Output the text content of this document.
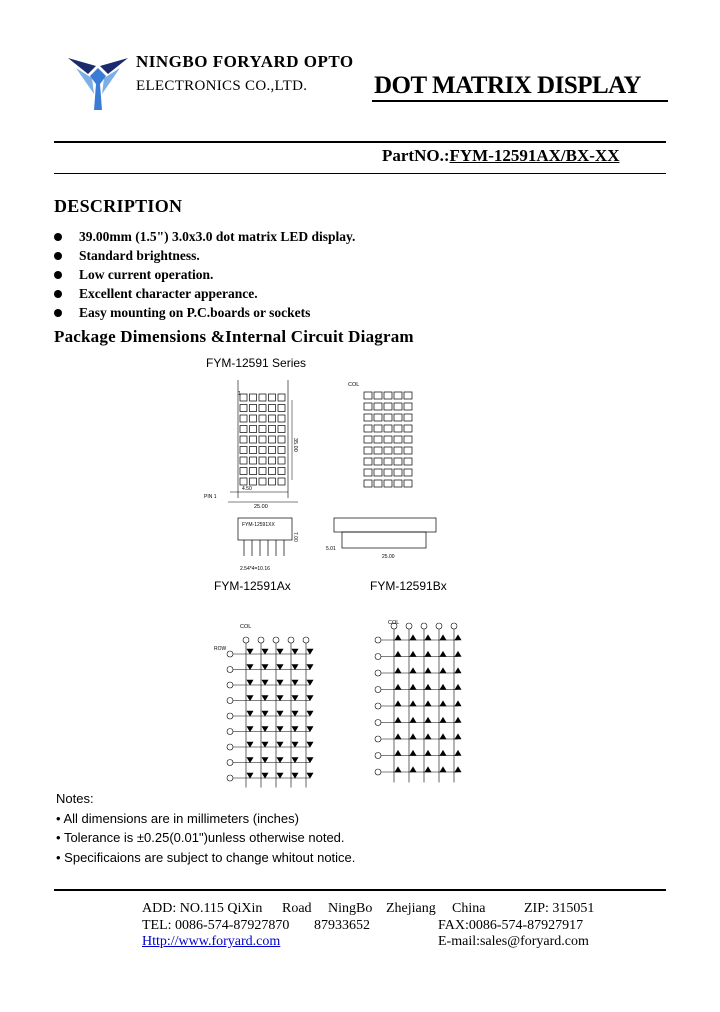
NINGBO FORYARD OPTO
ELECTRONICS CO.,LTD.	DOT MATRIX DISPLAY
PartNO.:FYM-12591AX/BX-XX
DESCRIPTION
39.00mm (1.5") 3.0x3.0 dot matrix LED display.
Standard brightness.
Low current operation.
Excellent character apperance.
Easy mounting on P.C.boards or sockets
Package Dimensions &Internal Circuit Diagram
FYM-12591 Series
35.00
4.50
25.00
PIN 1
1
COL
FYM-12591XX
7.00
2.54*4=10.16
5.01
25.00
FYM-12591Ax	FYM-12591Bx
COL
ROW
COL
Notes:
• All dimensions are in millimeters (inches)
• Tolerance is ±0.25(0.01")unless otherwise noted.
• Specificaions are subject to change whitout notice.
ADD: NO.115 QiXin Road NingBo Zhejiang China	ZIP: 315051
TEL: 0086-574-87927870 87933652	FAX:0086-574-87927917
Http://www.foryard.com	E-mail:sales@foryard.com
